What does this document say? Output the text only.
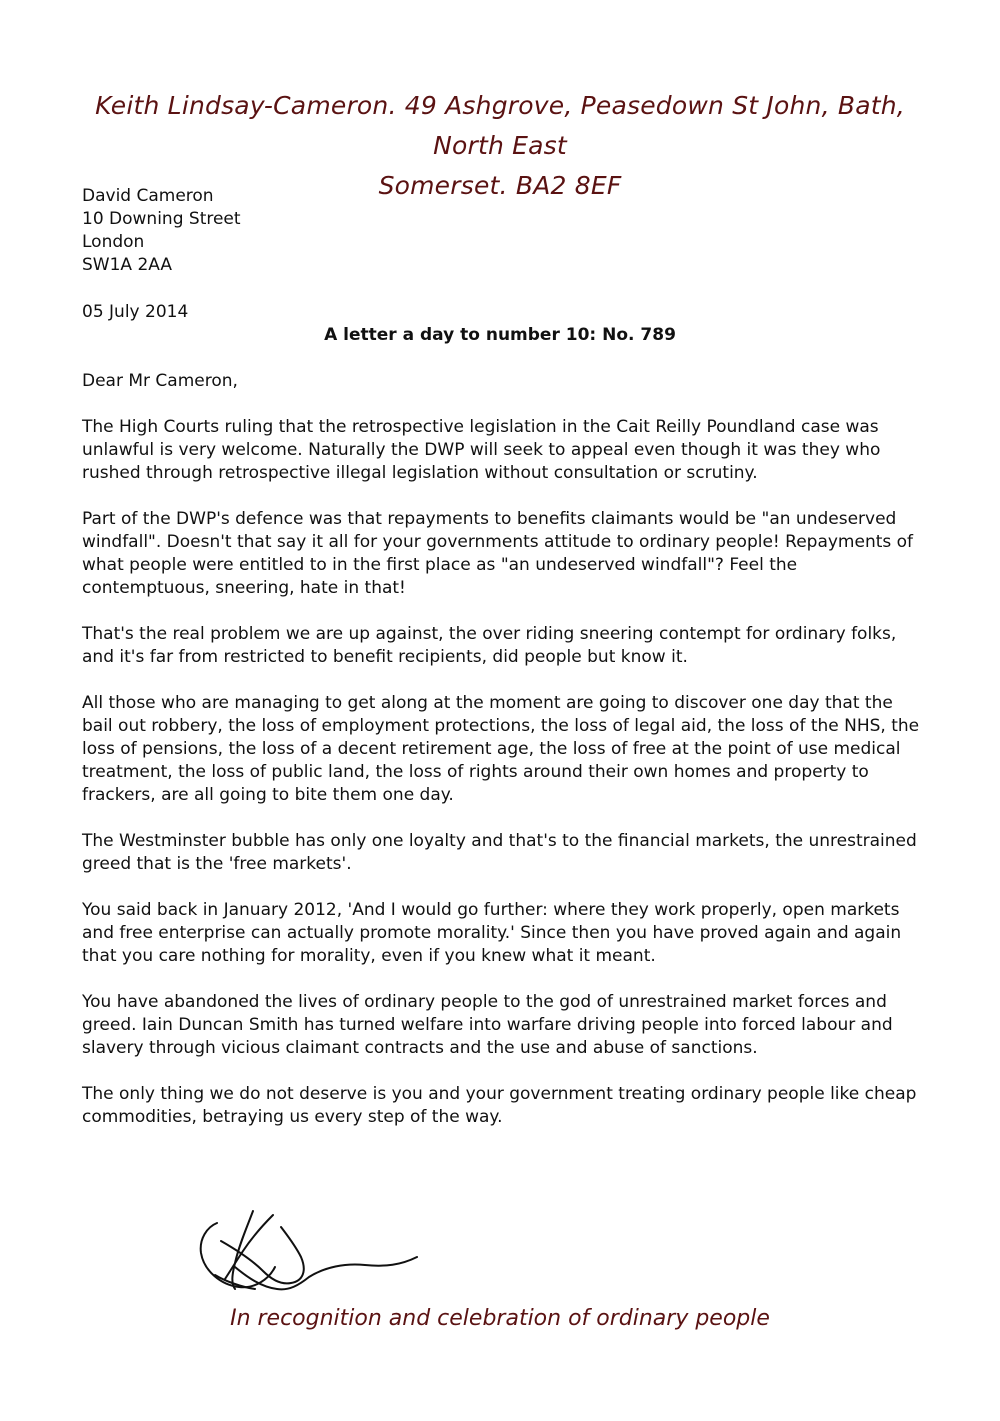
Keith Lindsay-Cameron. 49 Ashgrove, Peasedown St John, Bath, North East
Somerset. BA2 8EF
David Cameron
10 Downing Street
London
SW1A 2AA
05 July 2014
A letter a day to number 10: No. 789

Dear Mr Cameron,

The High Courts ruling that the retrospective legislation in the Cait Reilly Poundland case was unlawful is very welcome. Naturally the DWP will seek to appeal even though it was they who rushed through retrospective illegal legislation without consultation or scrutiny.

Part of the DWP's defence was that repayments to benefits claimants would be "an undeserved windfall". Doesn't that say it all for your governments attitude to ordinary people! Repayments of what people were entitled to in the first place as "an undeserved windfall"? Feel the contemptuous, sneering, hate in that!

That's the real problem we are up against, the over riding sneering contempt for ordinary folks, and it's far from restricted to benefit recipients, did people but know it.

All those who are managing to get along at the moment are going to discover one day that the bail out robbery, the loss of employment protections, the loss of legal aid, the loss of the NHS, the loss of pensions, the loss of a decent retirement age, the loss of free at the point of use medical treatment, the loss of public land, the loss of rights around their own homes and property to frackers, are all going to bite them one day.

The Westminster bubble has only one loyalty and that's to the financial markets, the unrestrained greed that is the 'free markets'.

You said back in January 2012, 'And I would go further: where they work properly, open markets and free enterprise can actually promote morality.' Since then you have proved again and again that you care nothing for morality, even if you knew what it meant.

You have abandoned the lives of ordinary people to the god of unrestrained market forces and greed. Iain Duncan Smith has turned welfare into warfare driving people into forced labour and slavery through vicious claimant contracts and the use and abuse of sanctions.

The only thing we do not deserve is you and your government treating ordinary people like cheap commodities, betraying us every step of the way.

In recognition and celebration of ordinary people
